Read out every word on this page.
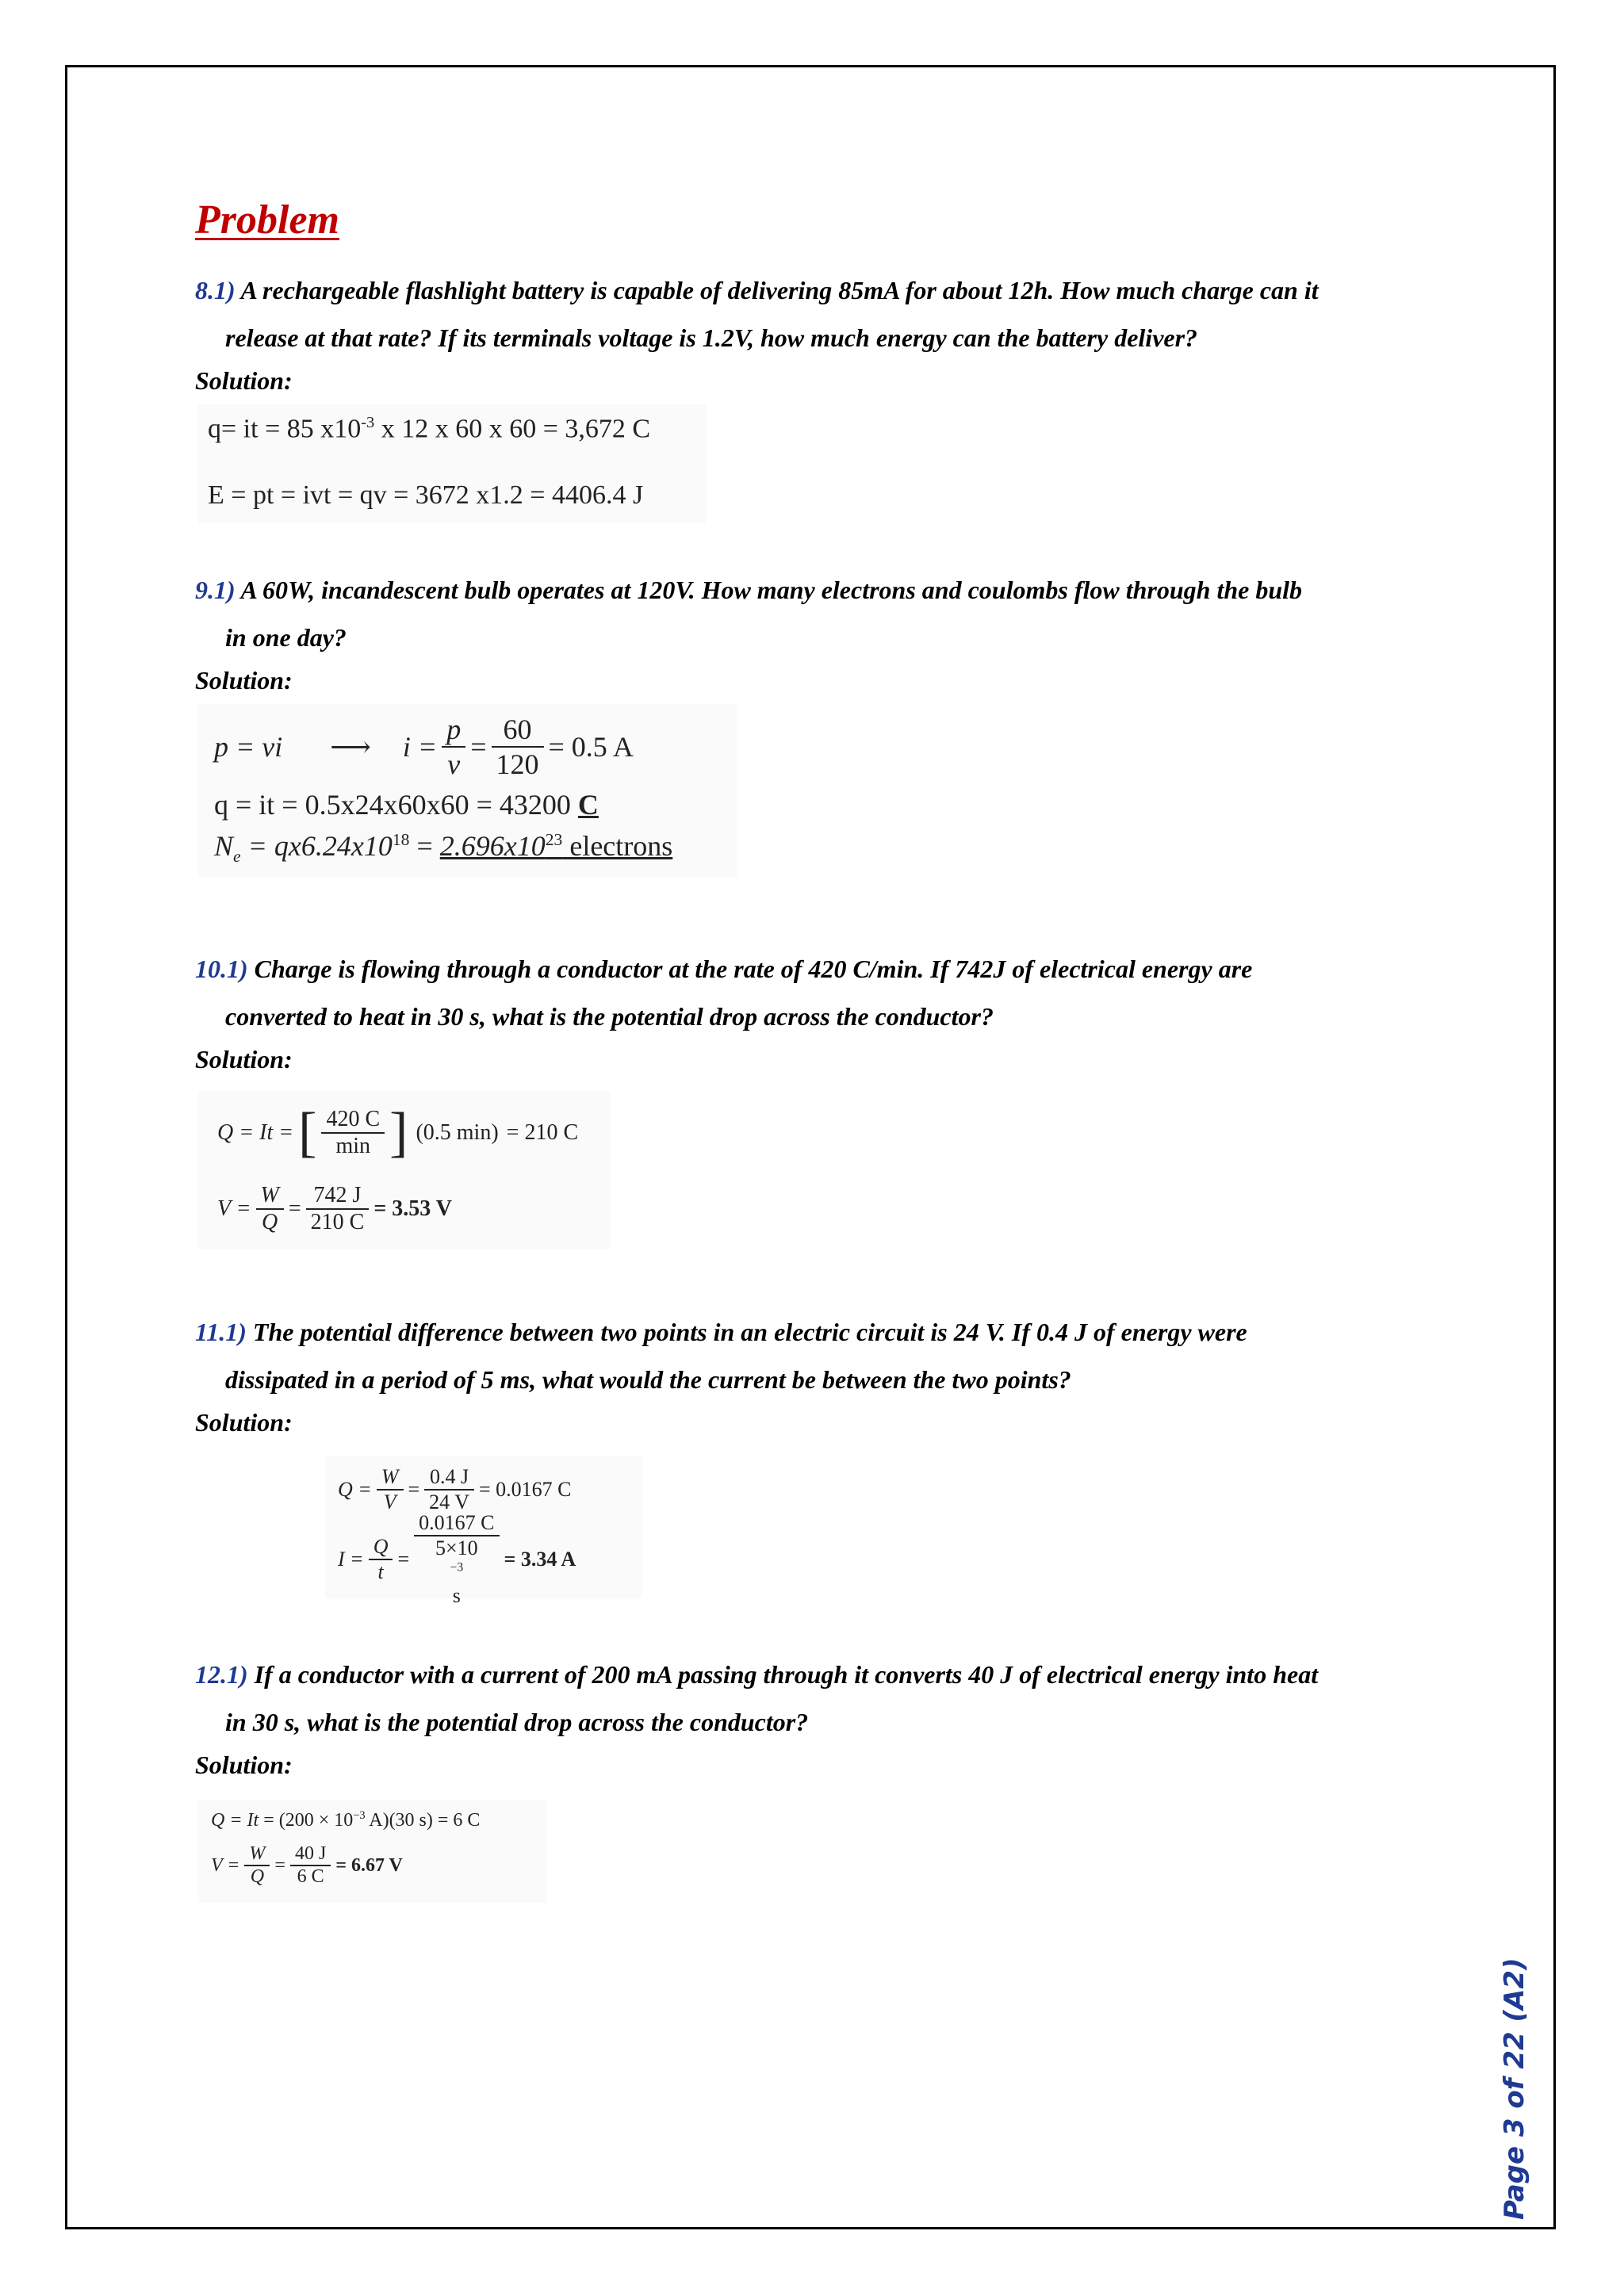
Problem
8.1) A rechargeable flashlight battery is capable of delivering 85mA for about 12h. How much charge can it
release at that rate? If its terminals voltage is 1.2V, how much energy can the battery deliver?
Solution:
q= it = 85 $x10^{-3}$ x 12 x 60 x 60 = 3,672 C
E = pt = ivt = qv = 3672 x1.2 = 4406.4 J
9.1) A 60W, incandescent bulb operates at 120V. How many electrons and coulombs flow through the bulb
in one day?
Solution:
p = vi ⟶ $i = \frac{p}{v} = \frac{60}{120} = 0.5$ A
q = it = 0.5x24x60x60 = 43200 C
$N_e = qx6.24x10^{18} = 2.696x10^{23}$ electrons
10.1) Charge is flowing through a conductor at the rate of 420 C/min. If 742J of electrical energy are
converted to heat in 30 s, what is the potential drop across the conductor?
Solution:
Q = It = [ $\frac{420 C}{\min}$ ] (0.5 min) = 210 C
$V = \frac{W}{Q} = \frac{742 J}{210 C} = 3.53$ V
11.1) The potential difference between two points in an electric circuit is 24 V. If 0.4 J of energy were
dissipated in a period of 5 ms, what would the current be between the two points?
Solution:
$Q = \frac{W}{V} = \frac{0.4 J}{24 V} = 0.0167$ C
$I = \frac{Q}{t} = 0.0167$ C
5×10
$^{-3}$
s = 3.34 A
12.1) If a conductor with a current of 200 mA passing through it converts 40 J of electrical energy into heat
in 30 s, what is the potential drop across the conductor?
Solution:
$Q = It = (200 \times 10^{-3}$ A)(30 s) = 6 C
$V = \frac{W}{Q} = \frac{40 J}{6 C} = 6.67$ V
Page 3 of 22 (A2)
